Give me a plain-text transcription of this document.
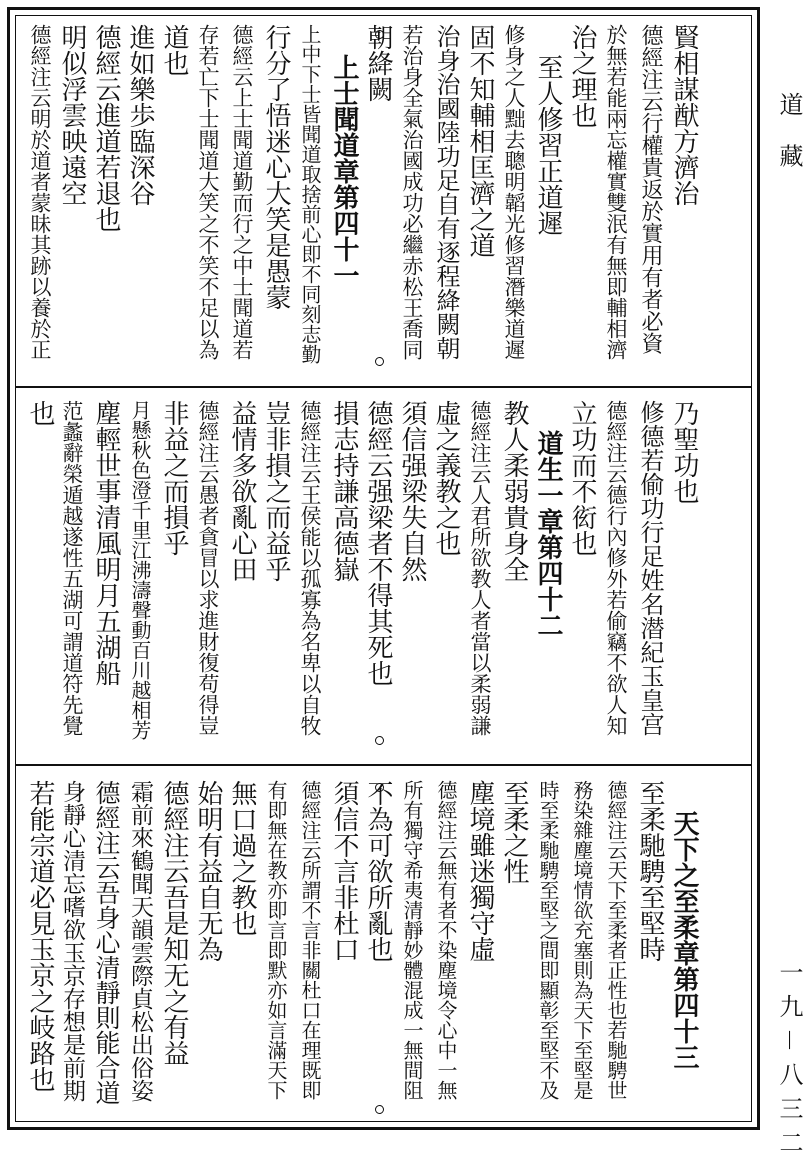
道 藏
一九－八三二
賢相謀猷方濟治
德經注云行權貴返於實用有者必資
於無若能兩忘權實雙泯有無即輔相濟
治之理也
至人修習正道遲
修身之人黜去聰明韜光修習潛樂道遲
固不知輔相匡濟之道
治身治國陸功足自有逐程絳闕朝
若治身全氣治國成功必繼赤松王喬同
朝絳闕
上士聞道章第四十一
上中下士皆聞道取捨前心即不同刻志勤
行分了悟迷心大笑是愚蒙
德經云上士聞道勤而行之中士聞道若
存若亡下士聞道大笑之不笑不足以為
道也
進如樂歩臨深谷
德經云進道若退也
明似浮雲映遠空
德經注云明於道者蒙昧其跡以養於正
乃聖功也
修德若偷功行足姓名潜紀玉皇宫
德經注云德行內修外若偷竊不欲人知
立功而不衒也
道生一章第四十二
教人柔弱貴身全
德經注云人君所欲教人者當以柔弱謙
虛之義教之也
須信强梁失自然
德經云强梁者不得其死也
損志持謙高德嶽
德經注云王侯能以孤寡為名卑以自牧
豈非損之而益乎
益情多欲亂心田
德經注云愚者貪冒以求進財復苟得豈
非益之而損乎
月懸秋色澄千里江沸濤聲動百川越相芳
塵輕世事清風明月五湖船
范蠡辭榮遁越遂性五湖可謂道符先覺
也
天下之至柔章第四十三
至柔馳騁至堅時
德經注云天下至柔者正性也若馳騁世
務染雜塵境情欲充塞則為天下至堅是
時至柔馳騁至堅之間即顯彰至堅不及
至柔之性
塵境雖迷獨守虛
德經注云無有者不染塵境令心中一無
所有獨守希夷清靜妙體混成一無間阻
不為可欲所亂也
須信不言非杜口
德經注云所謂不言非關杜口在理既即
有即無在教亦即言即默亦如言滿天下
無口過之教也
始明有益自无為
德經注云吾是知无之有益
霜前來鶴聞天韻雲際貞松出俗姿
德經注云吾身心清靜則能合道
身靜心清忘嗜欲玉京存想是前期
若能宗道必見玉京之岐路也
